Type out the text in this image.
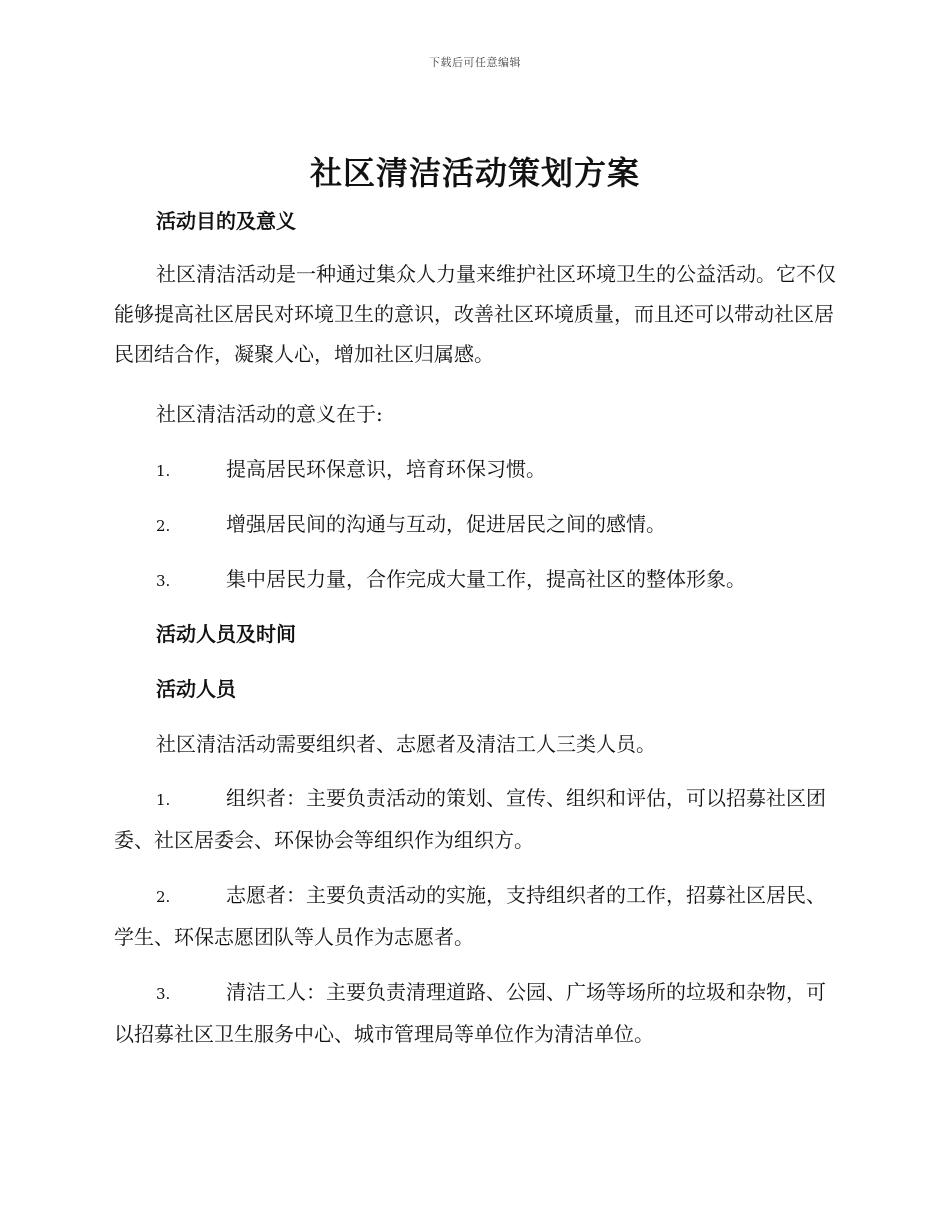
下载后可任意编辑
社区清洁活动策划方案
活动目的及意义

社区清洁活动是一种通过集众人力量来维护社区环境卫生的公益活动。它不仅能够提高社区居民对环境卫生的意识，改善社区环境质量，而且还可以带动社区居民团结合作，凝聚人心，增加社区归属感。

社区清洁活动的意义在于:

1.	提高居民环保意识，培育环保习惯。

2.	增强居民间的沟通与互动，促进居民之间的感情。

3.	集中居民力量，合作完成大量工作，提高社区的整体形象。

活动人员及时间
活动人员

社区清洁活动需要组织者、志愿者及清洁工人三类人员。

1.	组织者：主要负责活动的策划、宣传、组织和评估，可以招募社区团委、社区居委会、环保协会等组织作为组织方。

2.	志愿者：主要负责活动的实施，支持组织者的工作，招募社区居民、学生、环保志愿团队等人员作为志愿者。

3.	清洁工人：主要负责清理道路、公园、广场等场所的垃圾和杂物，可以招募社区卫生服务中心、城市管理局等单位作为清洁单位。
